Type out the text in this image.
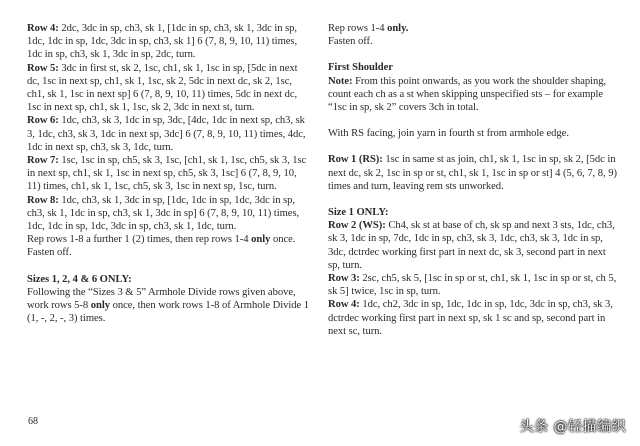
Row 4: 2dc, 3dc in sp, ch3, sk 1, [1dc in sp, ch3, sk 1, 3dc in sp, 1dc, 1dc in sp, 1dc, 3dc in sp, ch3, sk 1] 6 (7, 8, 9, 10, 11) times, 1dc in sp, ch3, sk 1, 3dc in sp, 2dc, turn.

Row 5: 3dc in first st, sk 2, 1sc, ch1, sk 1, 1sc in sp, [5dc in next dc, 1sc in next sp, ch1, sk 1, 1sc, sk 2, 5dc in next dc, sk 2, 1sc, ch1, sk 1, 1sc in next sp] 6 (7, 8, 9, 10, 11) times, 5dc in next dc, 1sc in next sp, ch1, sk 1, 1sc, sk 2, 3dc in next st, turn.

Row 6: 1dc, ch3, sk 3, 1dc in sp, 3dc, [4dc, 1dc in next sp, ch3, sk 3, 1dc, ch3, sk 3, 1dc in next sp, 3dc] 6 (7, 8, 9, 10, 11) times, 4dc, 1dc in next sp, ch3, sk 3, 1dc, turn.

Row 7: 1sc, 1sc in sp, ch5, sk 3, 1sc, [ch1, sk 1, 1sc, ch5, sk 3, 1sc in next sp, ch1, sk 1, 1sc in next sp, ch5, sk 3, 1sc] 6 (7, 8, 9, 10, 11) times, ch1, sk 1, 1sc, ch5, sk 3, 1sc in next sp, 1sc, turn.

Row 8: 1dc, ch3, sk 1, 3dc in sp, [1dc, 1dc in sp, 1dc, 3dc in sp, ch3, sk 1, 1dc in sp, ch3, sk 1, 3dc in sp] 6 (7, 8, 9, 10, 11) times, 1dc, 1dc in sp, 1dc, 3dc in sp, ch3, sk 1, 1dc, turn.

Rep rows 1-8 a further 1 (2) times, then rep rows 1-4 only once.

Fasten off.

Sizes 1, 2, 4 & 6 ONLY:

Following the “Sizes 3 & 5” Armhole Divide rows given above, work rows 5-8 only once, then work rows 1-8 of Armhole Divide 1 (1, -, 2, -, 3) times.

Rep rows 1-4 only.

Fasten off.

First Shoulder

Note: From this point onwards, as you work the shoulder shaping, count each ch as a st when skipping unspecified sts – for example “1sc in sp, sk 2” covers 3ch in total.

With RS facing, join yarn in fourth st from armhole edge.

Row 1 (RS): 1sc in same st as join, ch1, sk 1, 1sc in sp, sk 2, [5dc in next dc, sk 2, 1sc in sp or st, ch1, sk 1, 1sc in sp or st] 4 (5, 6, 7, 8, 9) times and turn, leaving rem sts unworked.

Size 1 ONLY:

Row 2 (WS): Ch4, sk st at base of ch, sk sp and next 3 sts, 1dc, ch3, sk 3, 1dc in sp, 7dc, 1dc in sp, ch3, sk 3, 1dc, ch3, sk 3, 1dc in sp, 3dc, dctrdec working first part in next dc, sk 3, second part in next sp, turn.

Row 3: 2sc, ch5, sk 5, [1sc in sp or st, ch1, sk 1, 1sc in sp or st, ch 5, sk 5] twice, 1sc in sp, turn.

Row 4: 1dc, ch2, 3dc in sp, 1dc, 1dc in sp, 1dc, 3dc in sp, ch3, sk 3, dctrdec working first part in next sp, sk 1 sc and sp, second part in next sc, turn.

68	头条 @轻描编织
